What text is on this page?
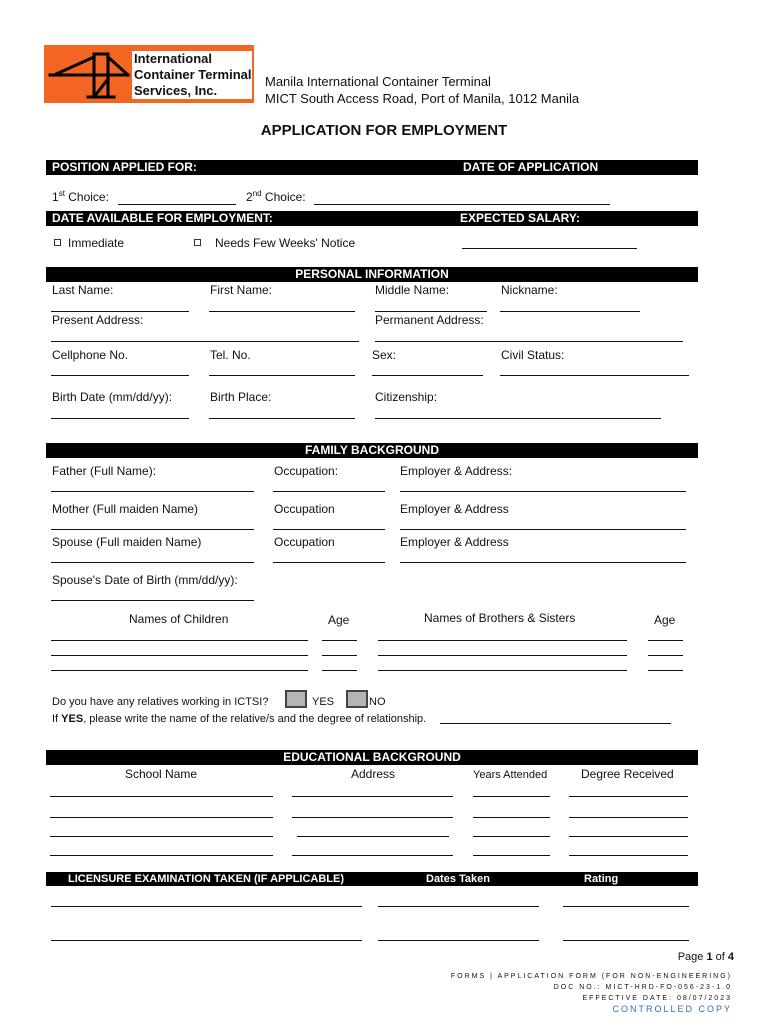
International
Container Terminal
Services, Inc.
Manila International Container Terminal
MICT South Access Road, Port of Manila, 1012 Manila
APPLICATION FOR EMPLOYMENT
POSITION APPLIED FOR:	DATE OF APPLICATION
1st Choice:	2nd Choice:
DATE AVAILABLE FOR EMPLOYMENT:	EXPECTED SALARY:
Immediate	Needs Few Weeks' Notice
PERSONAL INFORMATION
Last Name:	First Name:	Middle Name:	Nickname:
Present Address:	Permanent Address:
Cellphone No.	Tel. No.	Sex:	Civil Status:
Birth Date (mm/dd/yy):	Birth Place:	Citizenship:
FAMILY BACKGROUND
Father (Full Name):	Occupation:	Employer & Address:
Mother (Full maiden Name)	Occupation	Employer & Address
Spouse (Full maiden Name)	Occupation	Employer & Address
Spouse's Date of Birth (mm/dd/yy):
Names of Children	Age	Names of Brothers & Sisters	Age
Do you have any relatives working in ICTSI?	YES	NO
If YES, please write the name of the relative/s and the degree of relationship.
EDUCATIONAL BACKGROUND
School Name	Address	Years Attended	Degree Received
LICENSURE EXAMINATION TAKEN (IF APPLICABLE)	Dates Taken	Rating
Page 1 of 4
FORMS | APPLICATION FORM (FOR NON-ENGINEERING)
DOC NO.: MICT-HRD-FO-056-23-1.0
EFFECTIVE DATE: 08/07/2023
CONTROLLED COPY
